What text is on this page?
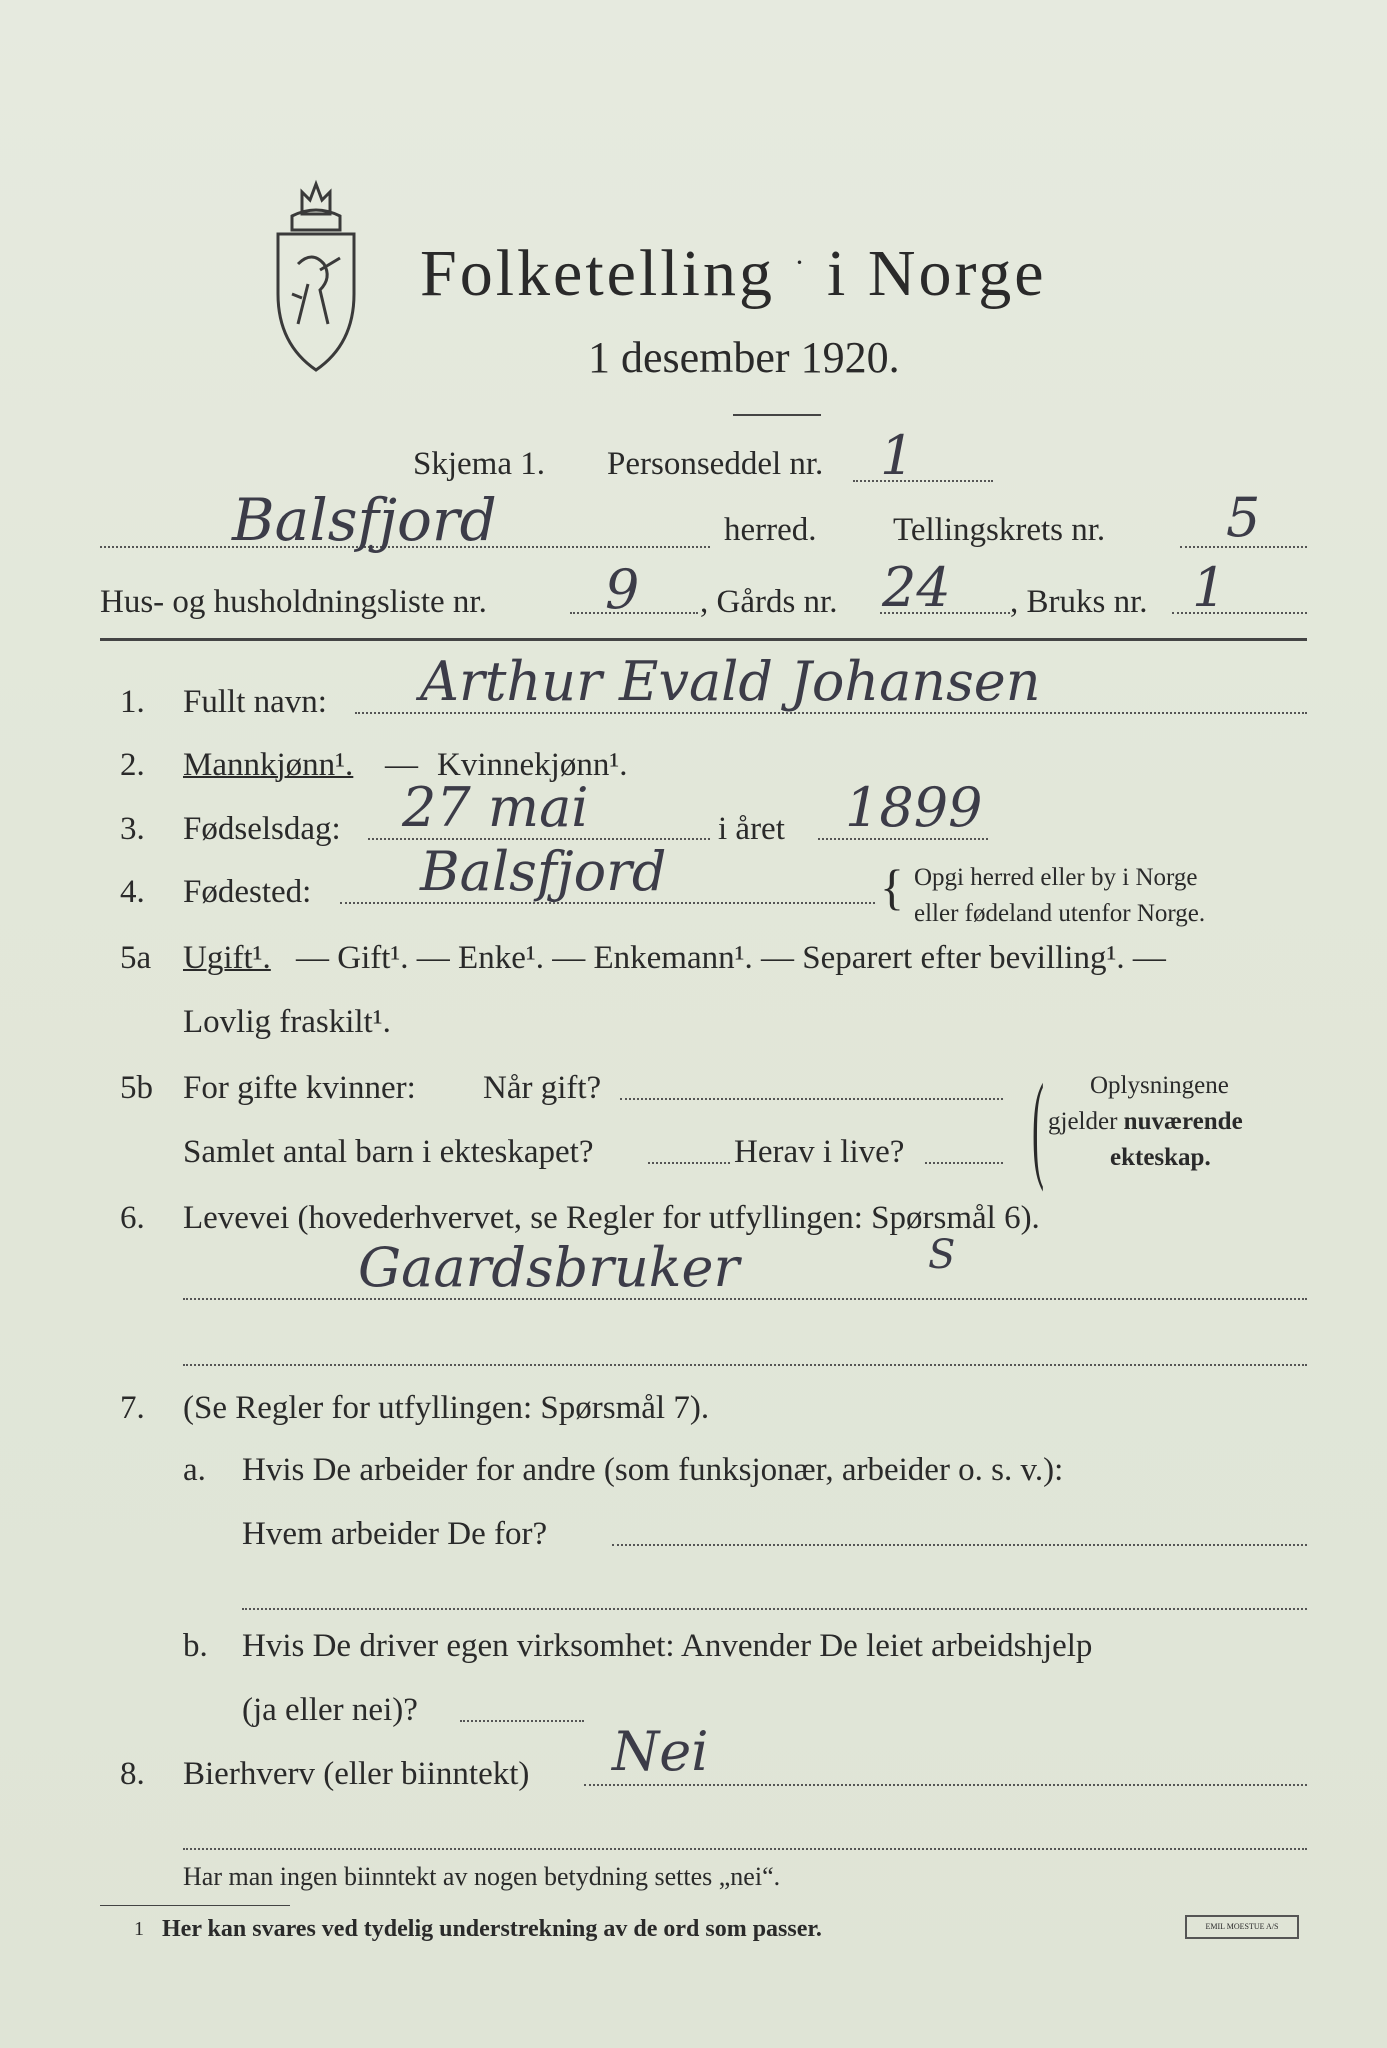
Folketelling · i Norge
1 desember 1920.
Skjema 1. Personseddel nr. 1
Balsfjord	herred. Tellingskrets nr. 5
Hus- og husholdningsliste nr. 9 , Gårds nr. 24 , Bruks nr. 1
1. Fullt navn: Arthur Evald Johansen
2. Mannkjønn¹. — Kvinnekjønn¹.
3. Fødselsdag: 27 mai	i året 1899
4. Fødested: Balsfjord	{ Opgi herred eller by i Norge
eller fødeland utenfor Norge.
5a Ugift¹. — Gift¹. — Enke¹. — Enkemann¹. — Separert efter bevilling¹. —
Lovlig fraskilt¹.
5b For gifte kvinner: Når gift?
Samlet antal barn i ekteskapet?	Herav i live? ( Oplysningene
gjelder nuværende
ekteskap.
6. Levevei (hovederhvervet, se Regler for utfyllingen: Spørsmål 6).
Gaardsbruker	S
7. (Se Regler for utfyllingen: Spørsmål 7).
a. Hvis De arbeider for andre (som funksjonær, arbeider o. s. v.):
Hvem arbeider De for?
b. Hvis De driver egen virksomhet: Anvender De leiet arbeidshjelp
(ja eller nei)?
8. Bierhverv (eller biinntekt) Nei
Har man ingen biinntekt av nogen betydning settes „nei“.
1 Her kan svares ved tydelig understrekning av de ord som passer.	EMIL MOESTUE A/S
